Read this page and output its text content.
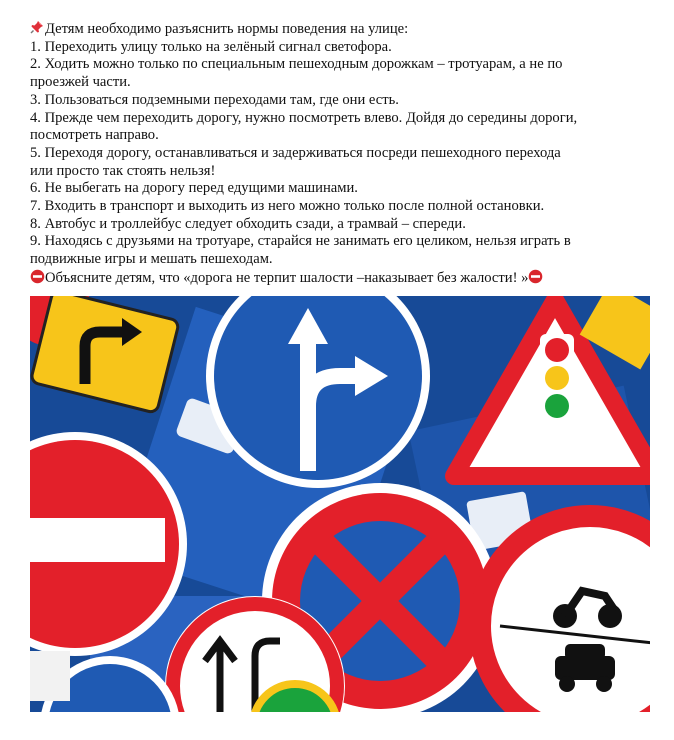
Детям необходимо разъяснить нормы поведения на улице:
1. Переходить улицу только на зелёный сигнал светофора.
2. Ходить можно только по специальным пешеходным дорожкам – тротуарам, а не по
проезжей части.
3. Пользоваться подземными переходами там, где они есть.
4. Прежде чем переходить дорогу, нужно посмотреть влево. Дойдя до середины дороги,
посмотреть направо.
5. Переходя дорогу, останавливаться и задерживаться посреди пешеходного перехода
или просто так стоять нельзя!
6. Не выбегать на дорогу перед едущими машинами.
7. Входить в транспорт и выходить из него можно только после полной остановки.
8. Автобус и троллейбус следует обходить сзади, а трамвай – спереди.
9. Находясь с друзьями на тротуаре, старайся не занимать его целиком, нельзя играть в
подвижные игры и мешать пешеходам.
Объясните детям, что «дорога не терпит шалости –наказывает без жалости! »
